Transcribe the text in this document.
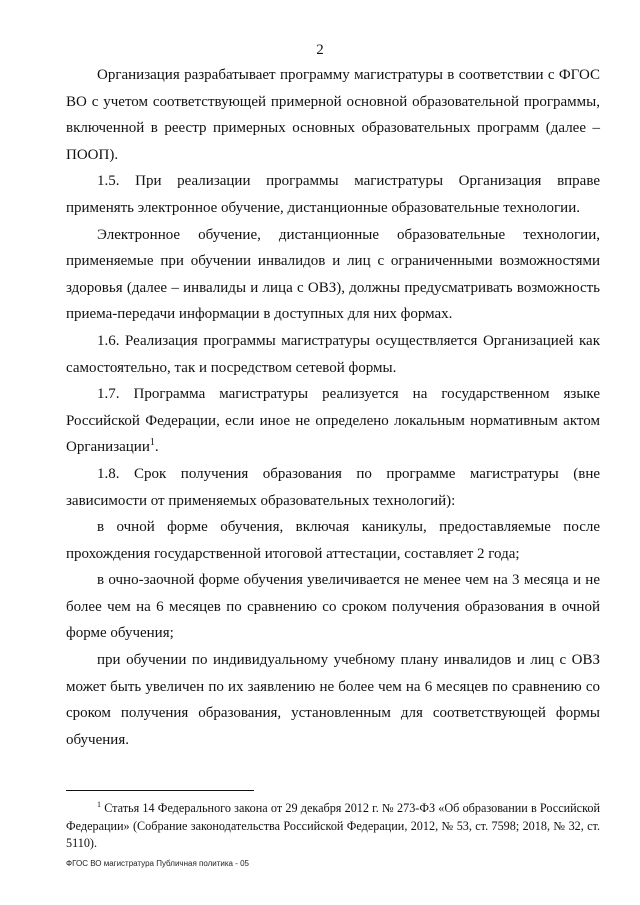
2

Организация разрабатывает программу магистратуры в соответствии с ФГОС ВО с учетом соответствующей примерной основной образовательной программы, включенной в реестр примерных основных образовательных программ (далее – ПООП).

1.5. При реализации программы магистратуры Организация вправе применять электронное обучение, дистанционные образовательные технологии.

Электронное обучение, дистанционные образовательные технологии, применяемые при обучении инвалидов и лиц с ограниченными возможностями здоровья (далее – инвалиды и лица с ОВЗ), должны предусматривать возможность приема-передачи информации в доступных для них формах.

1.6. Реализация программы магистратуры осуществляется Организацией как самостоятельно, так и посредством сетевой формы.

1.7. Программа магистратуры реализуется на государственном языке Российской Федерации, если иное не определено локальным нормативным актом Организации$^1$.

1.8. Срок получения образования по программе магистратуры (вне зависимости от применяемых образовательных технологий):

в очной форме обучения, включая каникулы, предоставляемые после прохождения государственной итоговой аттестации, составляет 2 года;

в очно-заочной форме обучения увеличивается не менее чем на 3 месяца и не более чем на 6 месяцев по сравнению со сроком получения образования в очной форме обучения;

при обучении по индивидуальному учебному плану инвалидов и лиц с ОВЗ может быть увеличен по их заявлению не более чем на 6 месяцев по сравнению со сроком получения образования, установленным для соответствующей формы обучения.

$^1$ Статья 14 Федерального закона от 29 декабря 2012 г. № 273-ФЗ «Об образовании в Российской Федерации» (Собрание законодательства Российской Федерации, 2012, № 53, ст. 7598; 2018, № 32, ст. 5110).

ФГОС ВО магистратура Публичная политика - 05
